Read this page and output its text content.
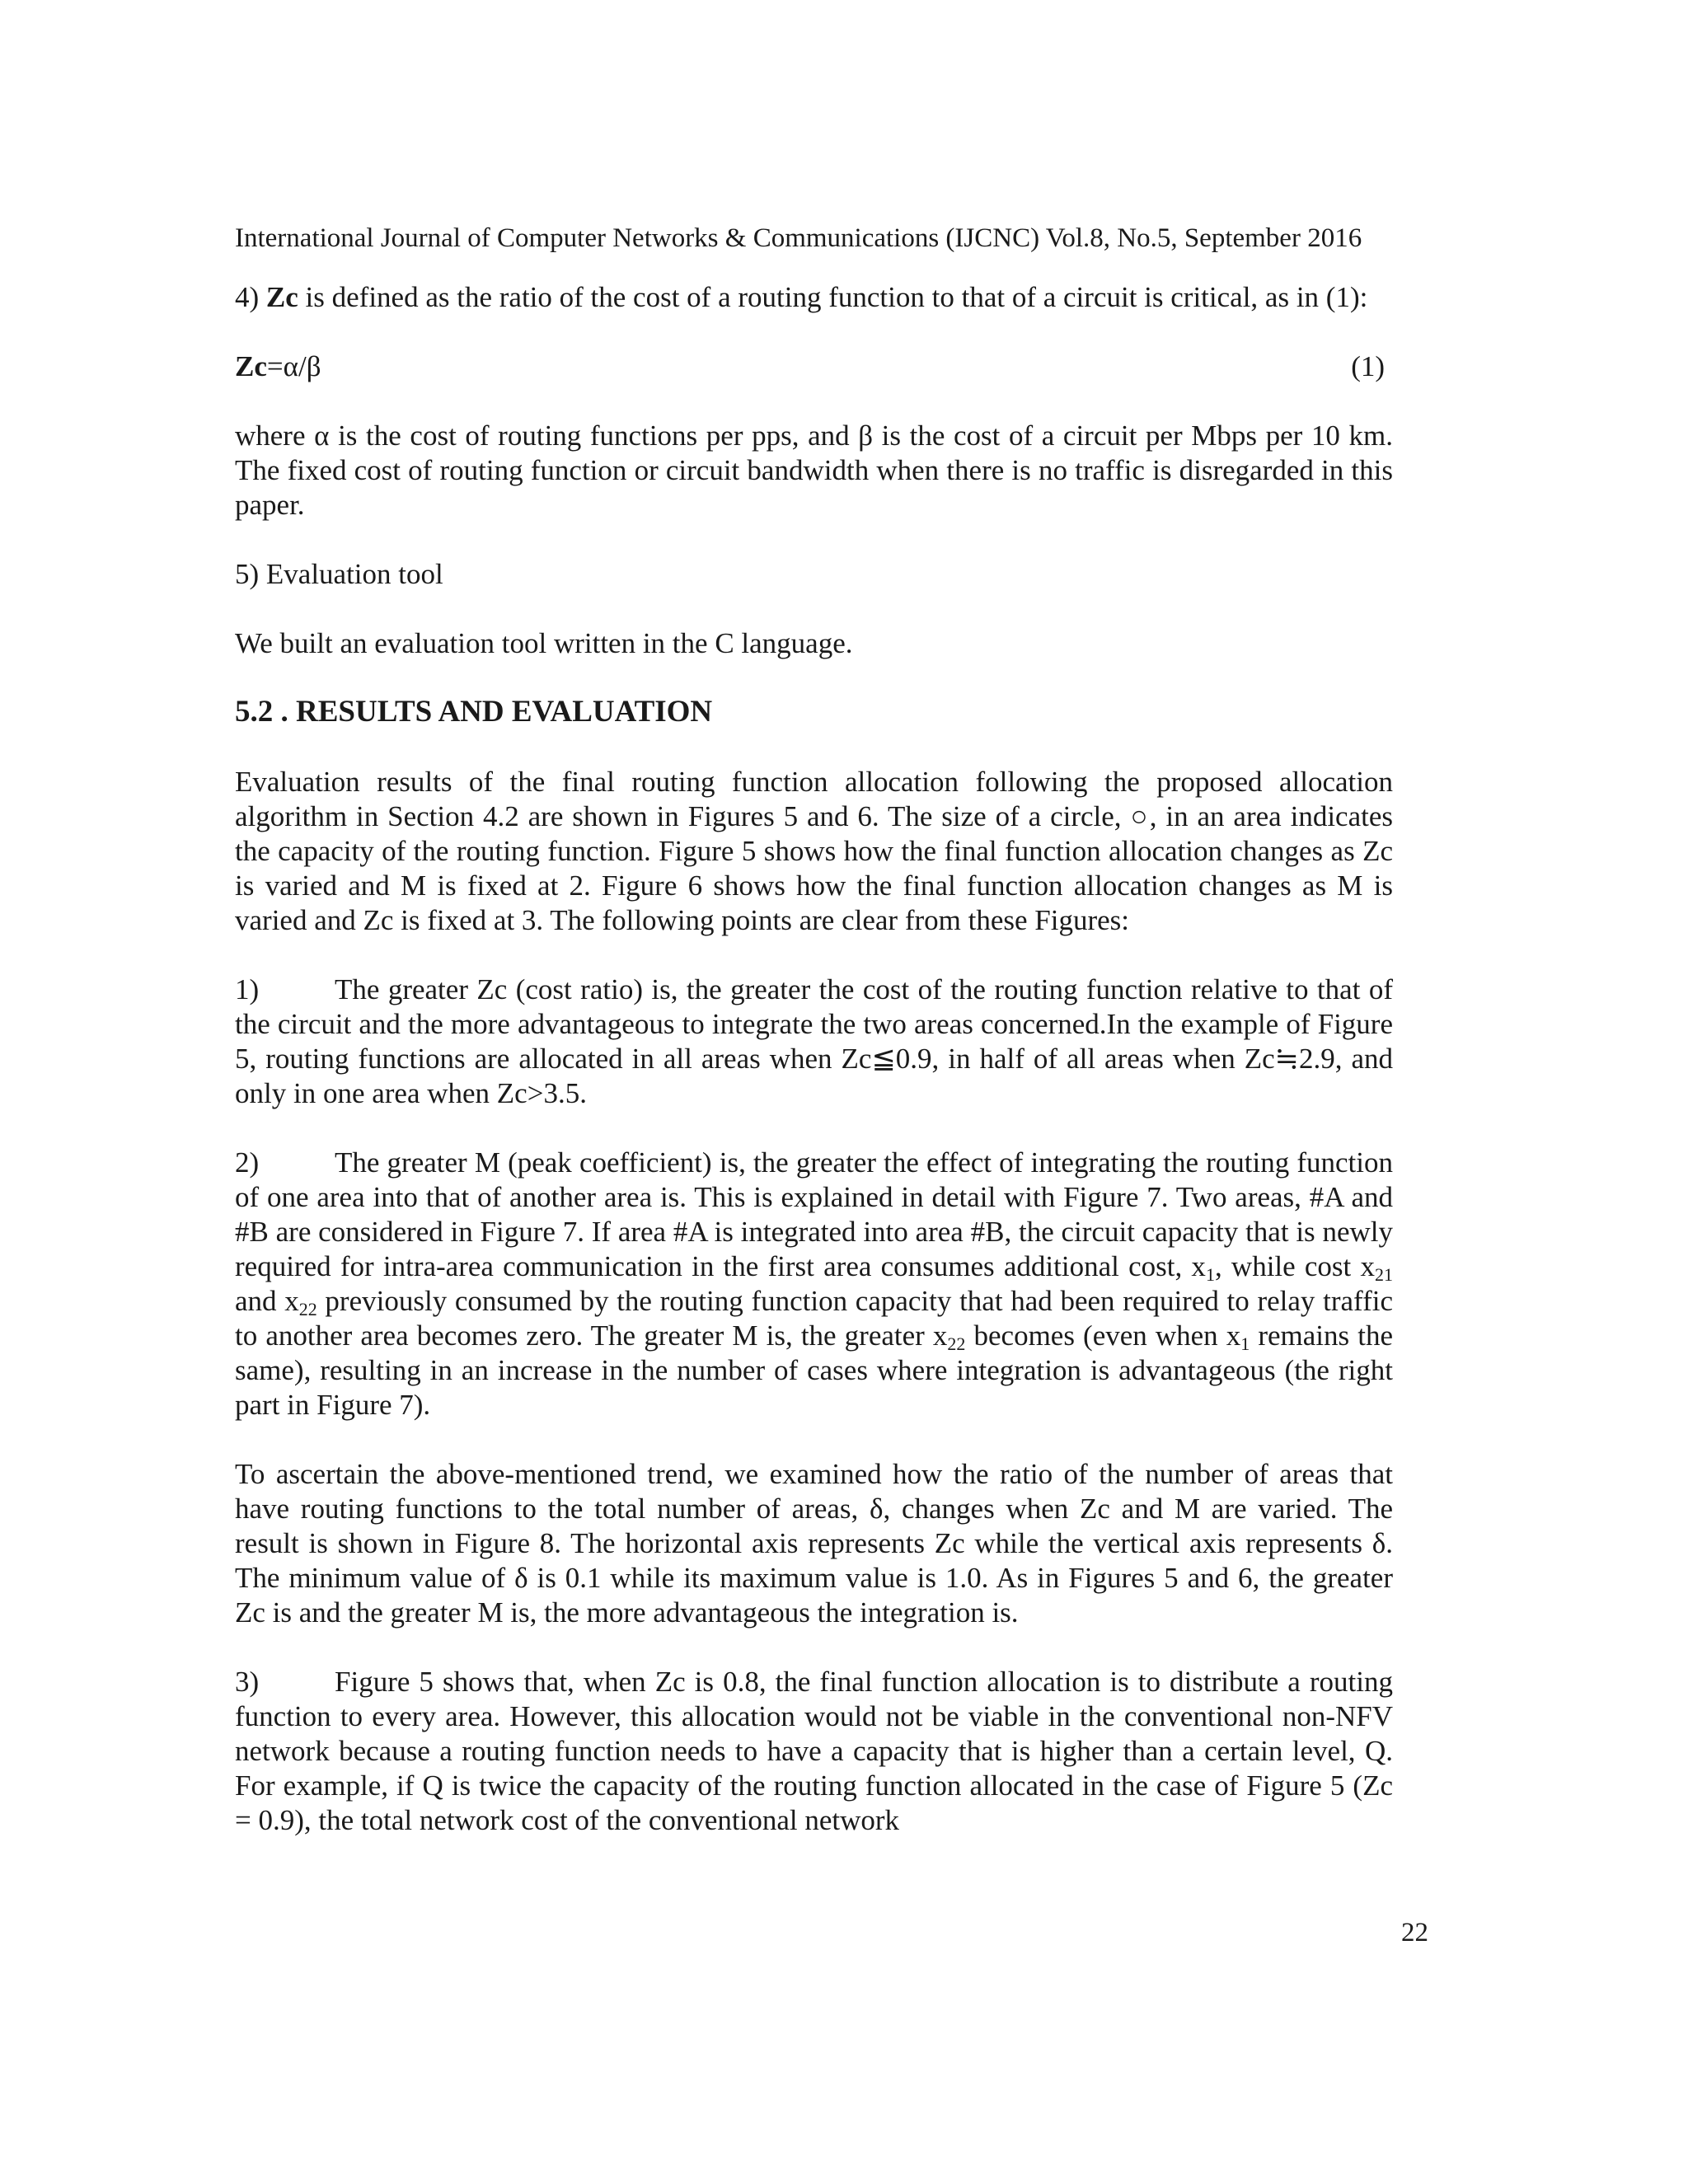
International Journal of Computer Networks & Communications (IJCNC) Vol.8, No.5, September 2016

4) Zc is defined as the ratio of the cost of a routing function to that of a circuit is critical, as in (1):

Zc=α/β	(1)

where α is the cost of routing functions per pps, and β is the cost of a circuit per Mbps per 10 km. The fixed cost of routing function or circuit bandwidth when there is no traffic is disregarded in this paper.

5) Evaluation tool

We built an evaluation tool written in the C language.

5.2 . RESULTS AND EVALUATION

Evaluation results of the final routing function allocation following the proposed allocation algorithm in Section 4.2 are shown in Figures 5 and 6. The size of a circle, ○, in an area indicates the capacity of the routing function. Figure 5 shows how the final function allocation changes as Zc is varied and M is fixed at 2. Figure 6 shows how the final function allocation changes as M is varied and Zc is fixed at 3. The following points are clear from these Figures:

1)	The greater Zc (cost ratio) is, the greater the cost of the routing function relative to that of the circuit and the more advantageous to integrate the two areas concerned.In the example of Figure 5, routing functions are allocated in all areas when Zc≦0.9, in half of all areas when Zc≒2.9, and only in one area when Zc>3.5.

2)	The greater M (peak coefficient) is, the greater the effect of integrating the routing function of one area into that of another area is. This is explained in detail with Figure 7. Two areas, #A and #B are considered in Figure 7. If area #A is integrated into area #B, the circuit capacity that is newly required for intra-area communication in the first area consumes additional cost, $x_1$, while cost $x_{21}$ and $x_{22}$ previously consumed by the routing function capacity that had been required to relay traffic to another area becomes zero. The greater M is, the greater $x_{22}$ becomes (even when $x_1$ remains the same), resulting in an increase in the number of cases where integration is advantageous (the right part in Figure 7).

To ascertain the above-mentioned trend, we examined how the ratio of the number of areas that have routing functions to the total number of areas, δ, changes when Zc and M are varied. The result is shown in Figure 8. The horizontal axis represents Zc while the vertical axis represents δ. The minimum value of δ is 0.1 while its maximum value is 1.0. As in Figures 5 and 6, the greater Zc is and the greater M is, the more advantageous the integration is.

3)	Figure 5 shows that, when Zc is 0.8, the final function allocation is to distribute a routing function to every area. However, this allocation would not be viable in the conventional non-NFV network because a routing function needs to have a capacity that is higher than a certain level, Q. For example, if Q is twice the capacity of the routing function allocated in the case of Figure 5 (Zc = 0.9), the total network cost of the conventional network

22
